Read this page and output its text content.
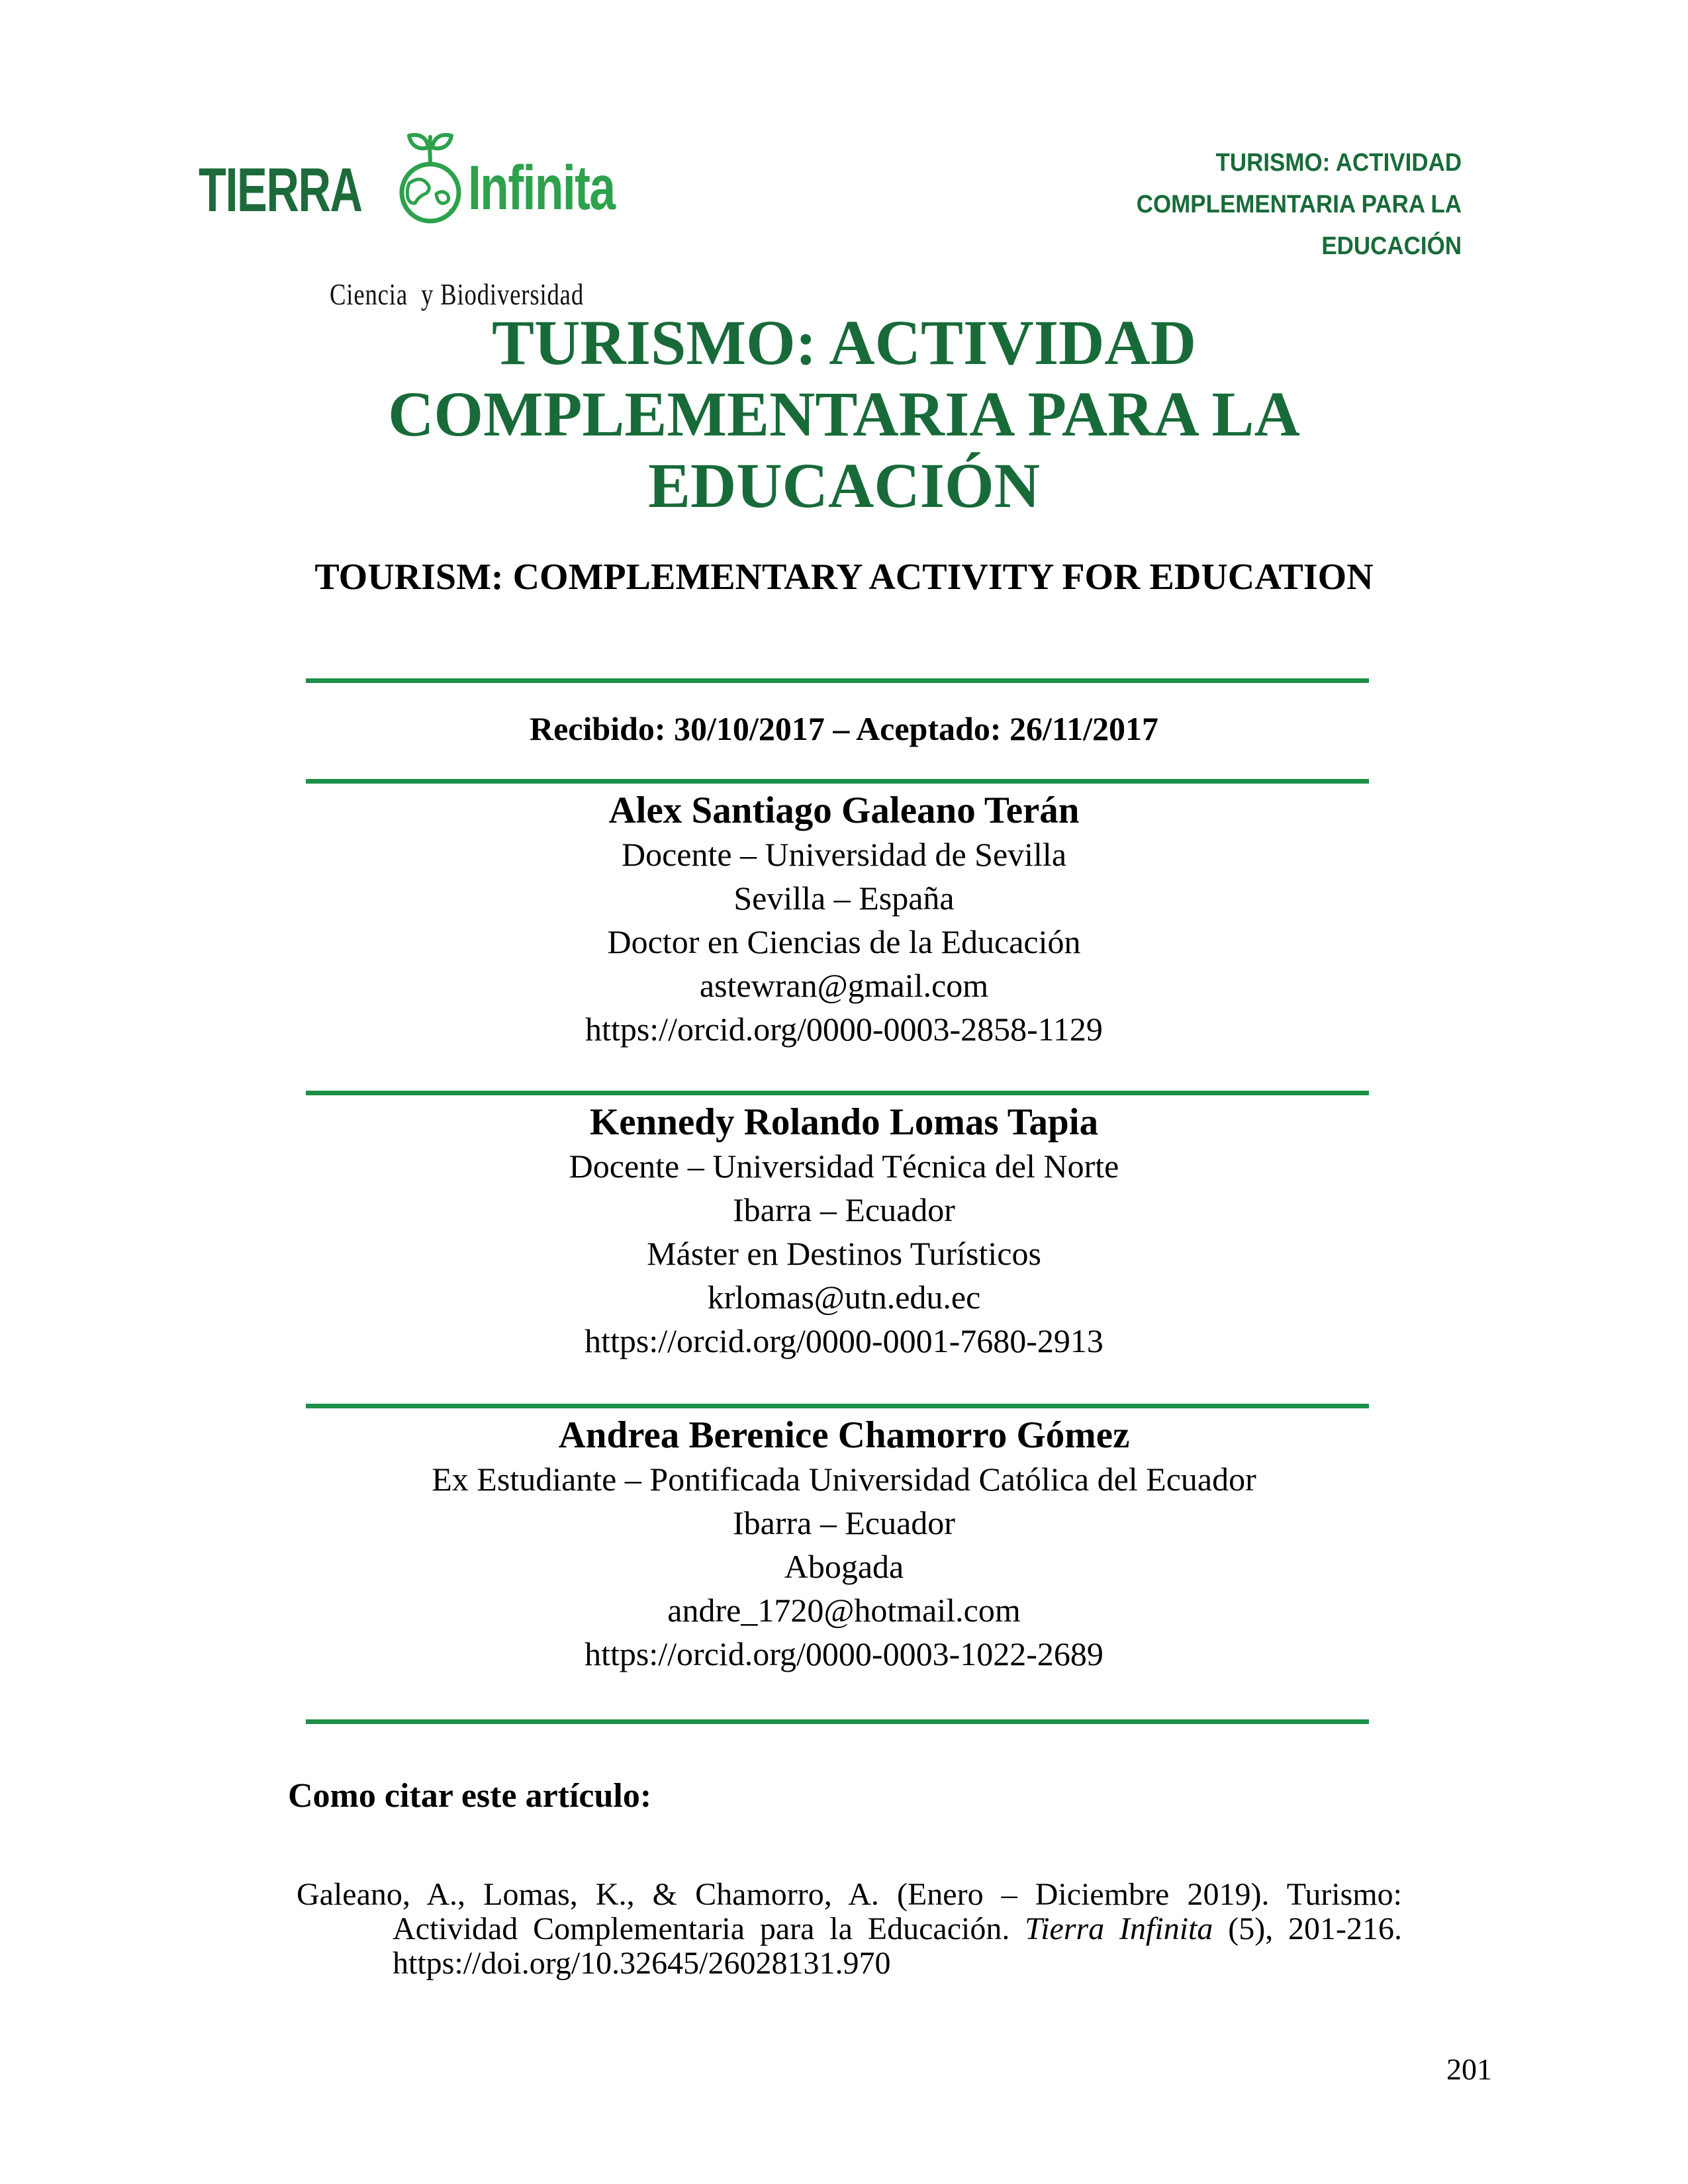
TIERRA Infinita
Ciencia  y Biodiversidad
TURISMO: ACTIVIDAD
COMPLEMENTARIA PARA LA
EDUCACIÓN
TURISMO: ACTIVIDAD
COMPLEMENTARIA PARA LA
EDUCACIÓN
TOURISM: COMPLEMENTARY ACTIVITY FOR EDUCATION
Recibido: 30/10/2017 – Aceptado: 26/11/2017
Alex Santiago Galeano Terán
Docente – Universidad de Sevilla
Sevilla – España
Doctor en Ciencias de la Educación
astewran@gmail.com
https://orcid.org/0000-0003-2858-1129
Kennedy Rolando Lomas Tapia
Docente – Universidad Técnica del Norte
Ibarra – Ecuador
Máster en Destinos Turísticos
krlomas@utn.edu.ec
https://orcid.org/0000-0001-7680-2913
Andrea Berenice Chamorro Gómez
Ex Estudiante – Pontificada Universidad Católica del Ecuador
Ibarra – Ecuador
Abogada
andre_1720@hotmail.com
https://orcid.org/0000-0003-1022-2689
Como citar este artículo:

Galeano, A., Lomas, K., & Chamorro, A. (Enero – Diciembre 2019). Turismo: Actividad Complementaria para la Educación. Tierra Infinita (5), 201-216. https://doi.org/10.32645/26028131.970

201
